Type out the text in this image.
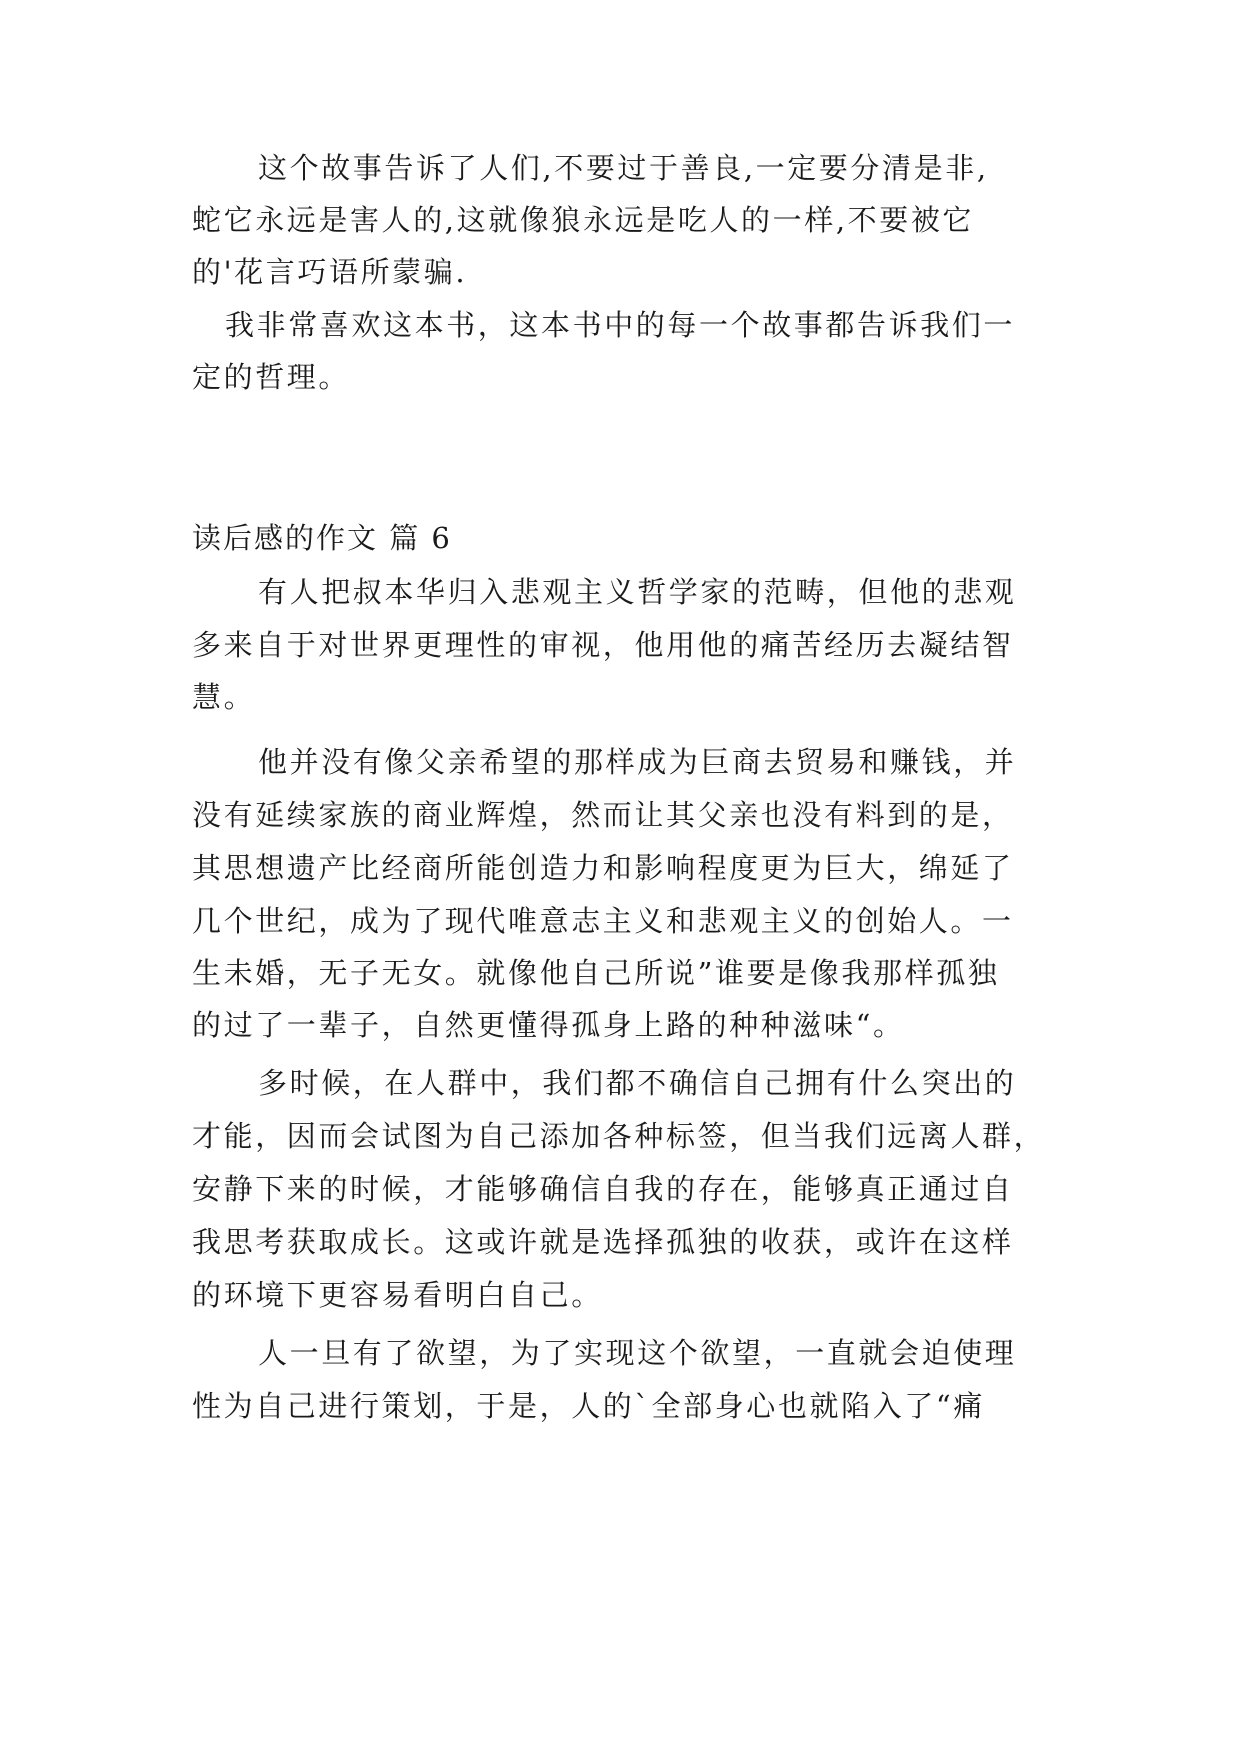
这个故事告诉了人们,不要过于善良,一定要分清是非,
蛇它永远是害人的,这就像狼永远是吃人的一样,不要被它
的'花言巧语所蒙骗.
我非常喜欢这本书，这本书中的每一个故事都告诉我们一
定的哲理。
读后感的作文 篇 6
有人把叔本华归入悲观主义哲学家的范畴，但他的悲观
多来自于对世界更理性的审视，他用他的痛苦经历去凝结智
慧。
他并没有像父亲希望的那样成为巨商去贸易和赚钱，并
没有延续家族的商业辉煌，然而让其父亲也没有料到的是，
其思想遗产比经商所能创造力和影响程度更为巨大，绵延了
几个世纪，成为了现代唯意志主义和悲观主义的创始人。一
生未婚，无子无女。就像他自己所说”谁要是像我那样孤独
的过了一辈子，自然更懂得孤身上路的种种滋味“。
多时候，在人群中，我们都不确信自己拥有什么突出的
才能，因而会试图为自己添加各种标签，但当我们远离人群，
安静下来的时候，才能够确信自我的存在，能够真正通过自
我思考获取成长。这或许就是选择孤独的收获，或许在这样
的环境下更容易看明白自己。
人一旦有了欲望，为了实现这个欲望，一直就会迫使理
性为自己进行策划，于是，人的`全部身心也就陷入了“痛
